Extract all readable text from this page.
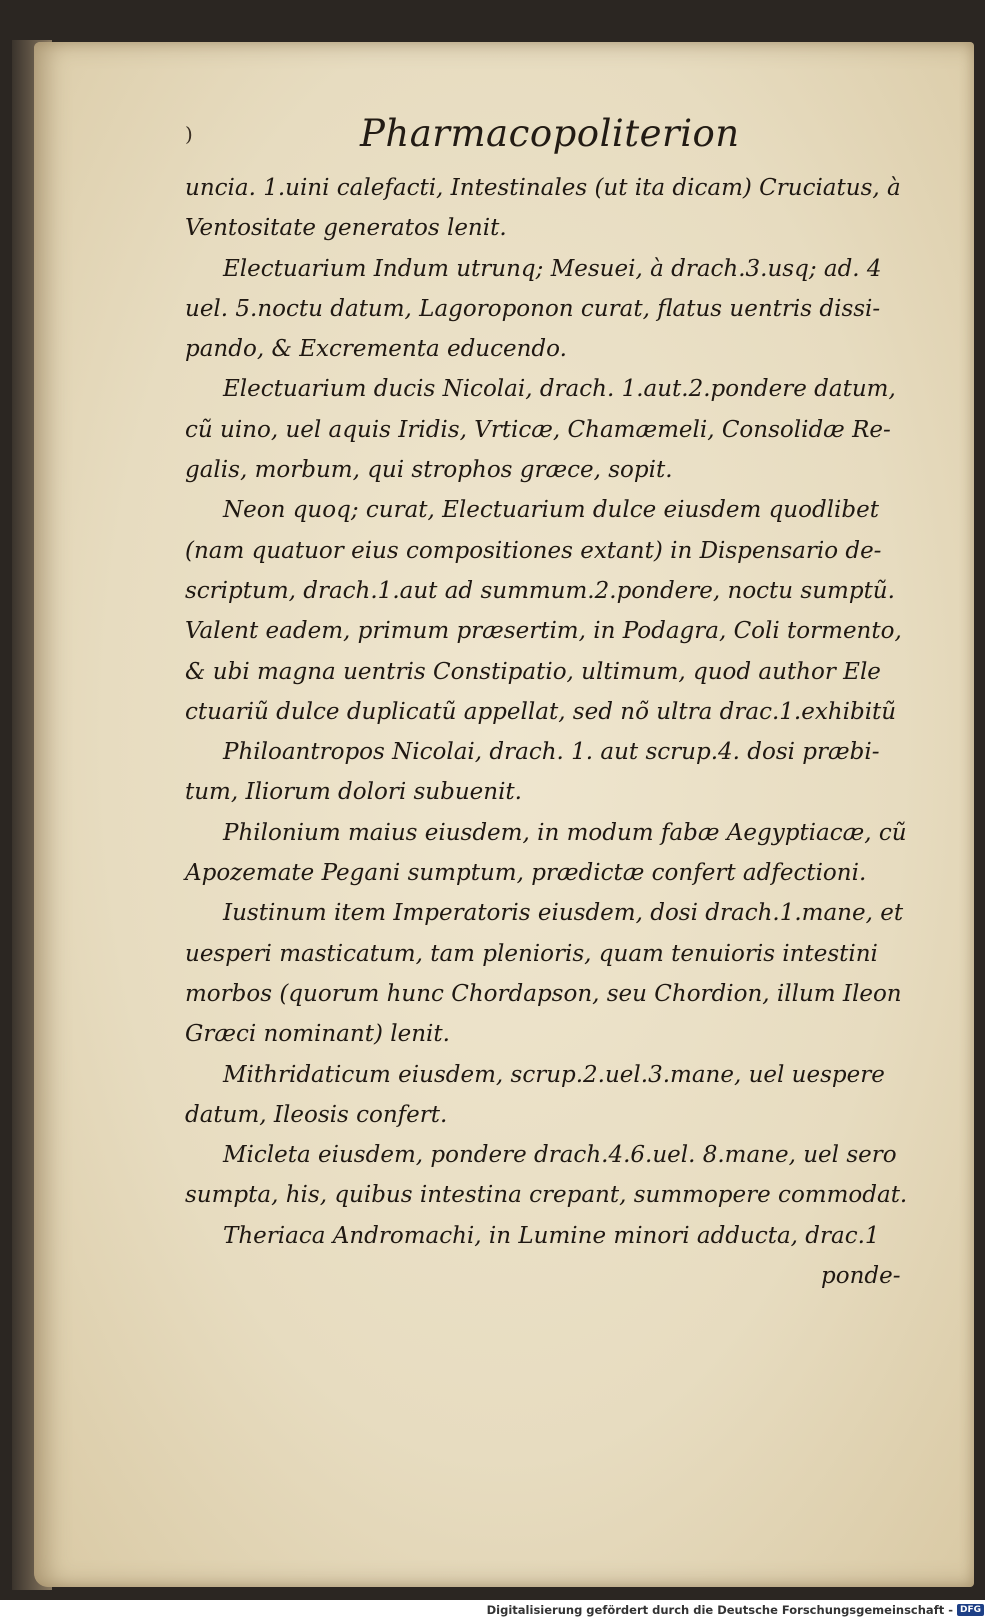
)	Pharmacopoliterion
uncia. 1.uini calefacti, Intestinales (ut ita dicam) Cruciatus, à
Ventositate generatos lenit.
Electuarium Indum utrunq; Mesuei, à drach.3.usq; ad. 4
uel. 5.noctu datum, Lagoroponon curat, flatus uentris dissi-
pando, & Excrementa educendo.
Electuarium ducis Nicolai, drach. 1.aut.2.pondere datum,
cũ uino, uel aquis Iridis, Vrticæ, Chamæmeli, Consolidæ Re-
galis, morbum, qui strophos græce, sopit.
Neon quoq; curat, Electuarium dulce eiusdem quodlibet
(nam quatuor eius compositiones extant) in Dispensario de-
scriptum, drach.1.aut ad summum.2.pondere, noctu sumptũ.
Valent eadem, primum præsertim, in Podagra, Coli tormento,
& ubi magna uentris Constipatio, ultimum, quod author Ele
ctuariũ dulce duplicatũ appellat, sed nõ ultra drac.1.exhibitũ
Philoantropos Nicolai, drach. 1. aut scrup.4. dosi præbi-
tum, Iliorum dolori subuenit.
Philonium maius eiusdem, in modum fabæ Aegyptiacæ, cũ
Apozemate Pegani sumptum, prædictæ confert adfectioni.
Iustinum item Imperatoris eiusdem, dosi drach.1.mane, et
uesperi masticatum, tam plenioris, quam tenuioris intestini
morbos (quorum hunc Chordapson, seu Chordion, illum Ileon
Græci nominant) lenit.
Mithridaticum eiusdem, scrup.2.uel.3.mane, uel uespere
datum, Ileosis confert.
Micleta eiusdem, pondere drach.4.6.uel. 8.mane, uel sero
sumpta, his, quibus intestina crepant, summopere commodat.
Theriaca Andromachi, in Lumine minori adducta, drac.1
ponde-
Digitalisierung gefördert durch die Deutsche Forschungsgemeinschaft - DFG
